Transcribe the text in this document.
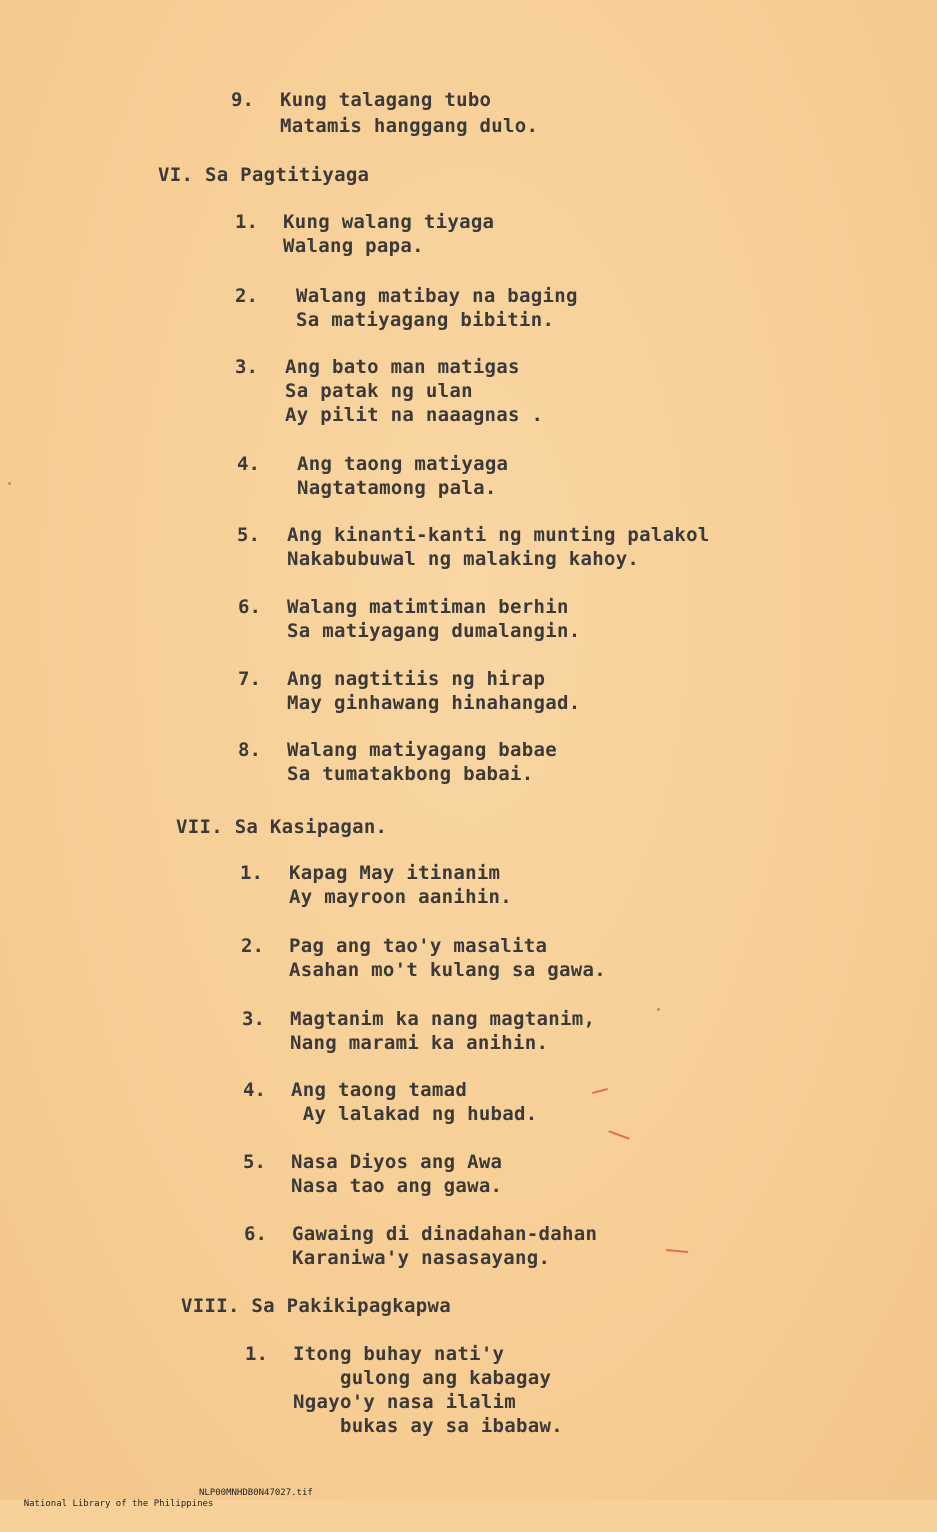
9. Kung talagang tubo
Matamis hanggang dulo.
VI. Sa Pagtitiyaga
1. Kung walang tiyaga
Walang papa.
2. Walang matibay na baging
Sa matiyagang bibitin.
3. Ang bato man matigas
Sa patak ng ulan
Ay pilit na naaagnas .
4. Ang taong matiyaga
Nagtatamong pala.
5. Ang kinanti-kanti ng munting palakol
Nakabubuwal ng malaking kahoy.
6. Walang matimtiman berhin
Sa matiyagang dumalangin.
7. Ang nagtitiis ng hirap
May ginhawang hinahangad.
8. Walang matiyagang babae
Sa tumatakbong babai.
VII. Sa Kasipagan.
1. Kapag May itinanim
Ay mayroon aanihin.
2. Pag ang tao'y masalita
Asahan mo't kulang sa gawa.
3. Magtanim ka nang magtanim,
Nang marami ka anihin.
4. Ang taong tamad
Ay lalakad ng hubad.
5. Nasa Diyos ang Awa
Nasa tao ang gawa.
6. Gawaing di dinadahan-dahan
Karaniwa'y nasasayang.
VIII. Sa Pakikipagkapwa
1. Itong buhay nati'y
gulong ang kabagay
Ngayo'y nasa ilalim
bukas ay sa ibabaw.

National Library of the Philippines

NLP00MNHDB0N47027.tif
